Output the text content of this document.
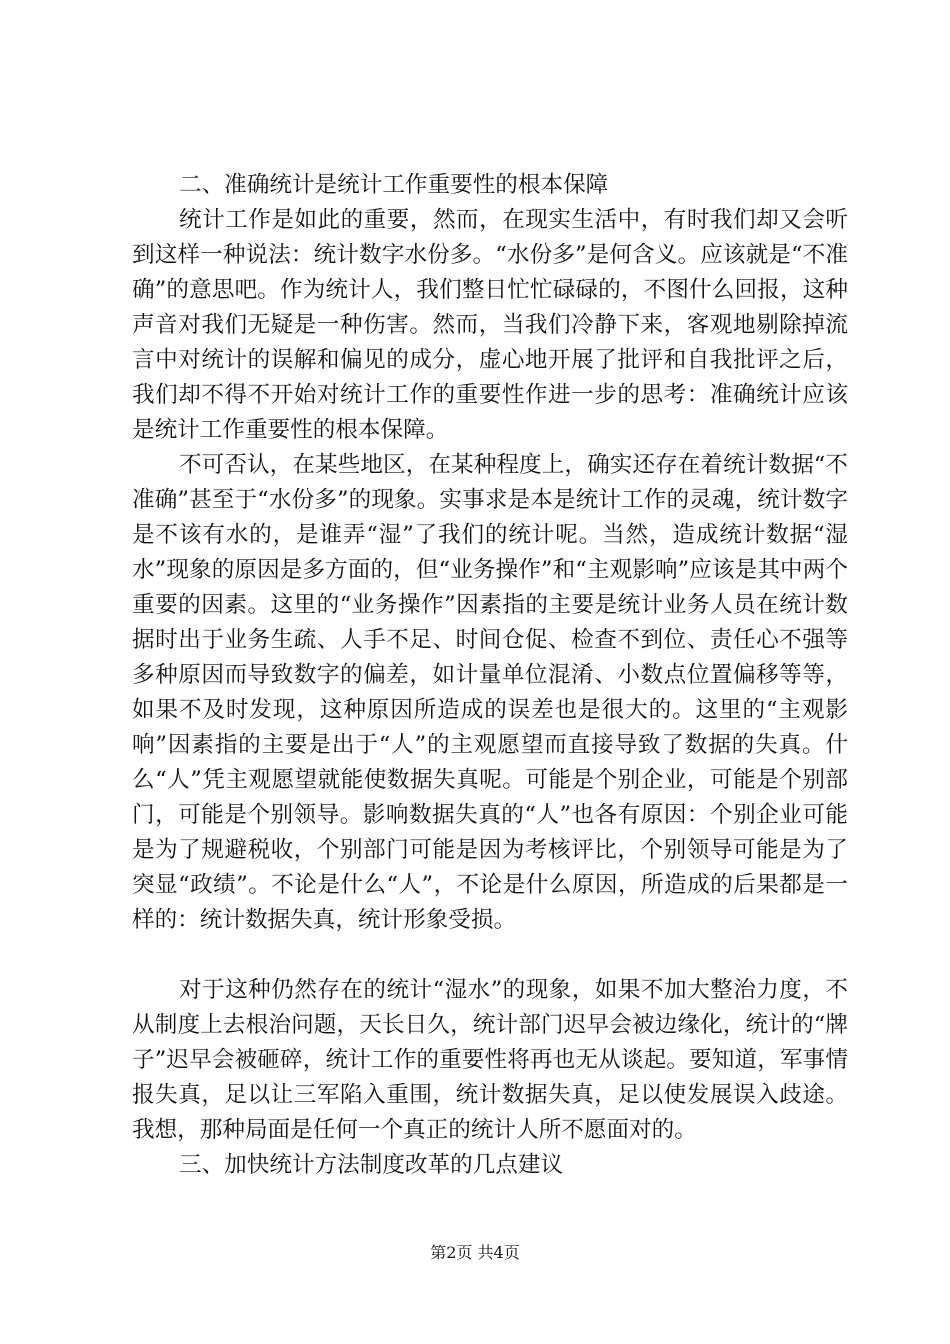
二、准确统计是统计工作重要性的根本保障

统计工作是如此的重要，然而，在现实生活中，有时我们却又会听到这样一种说法：统计数字水份多。“水份多”是何含义。应该就是“不准确”的意思吧。作为统计人，我们整日忙忙碌碌的，不图什么回报，这种声音对我们无疑是一种伤害。然而，当我们冷静下来，客观地剔除掉流言中对统计的误解和偏见的成分，虚心地开展了批评和自我批评之后，我们却不得不开始对统计工作的重要性作进一步的思考：准确统计应该是统计工作重要性的根本保障。

不可否认，在某些地区，在某种程度上，确实还存在着统计数据“不准确”甚至于“水份多”的现象。实事求是本是统计工作的灵魂，统计数字是不该有水的，是谁弄“湿”了我们的统计呢。当然，造成统计数据“湿水”现象的原因是多方面的，但“业务操作”和“主观影响”应该是其中两个重要的因素。这里的“业务操作”因素指的主要是统计业务人员在统计数据时出于业务生疏、人手不足、时间仓促、检查不到位、责任心不强等多种原因而导致数字的偏差，如计量单位混淆、小数点位置偏移等等，如果不及时发现，这种原因所造成的误差也是很大的。这里的“主观影响”因素指的主要是出于“人”的主观愿望而直接导致了数据的失真。什么“人”凭主观愿望就能使数据失真呢。可能是个别企业，可能是个别部门，可能是个别领导。影响数据失真的“人”也各有原因：个别企业可能是为了规避税收，个别部门可能是因为考核评比，个别领导可能是为了突显“政绩”。不论是什么“人”，不论是什么原因，所造成的后果都是一样的：统计数据失真，统计形象受损。

对于这种仍然存在的统计“湿水”的现象，如果不加大整治力度，不从制度上去根治问题，天长日久，统计部门迟早会被边缘化，统计的“牌子”迟早会被砸碎，统计工作的重要性将再也无从谈起。要知道，军事情报失真，足以让三军陷入重围，统计数据失真，足以使发展误入歧途。我想，那种局面是任何一个真正的统计人所不愿面对的。

三、加快统计方法制度改革的几点建议

第2页 共4页
